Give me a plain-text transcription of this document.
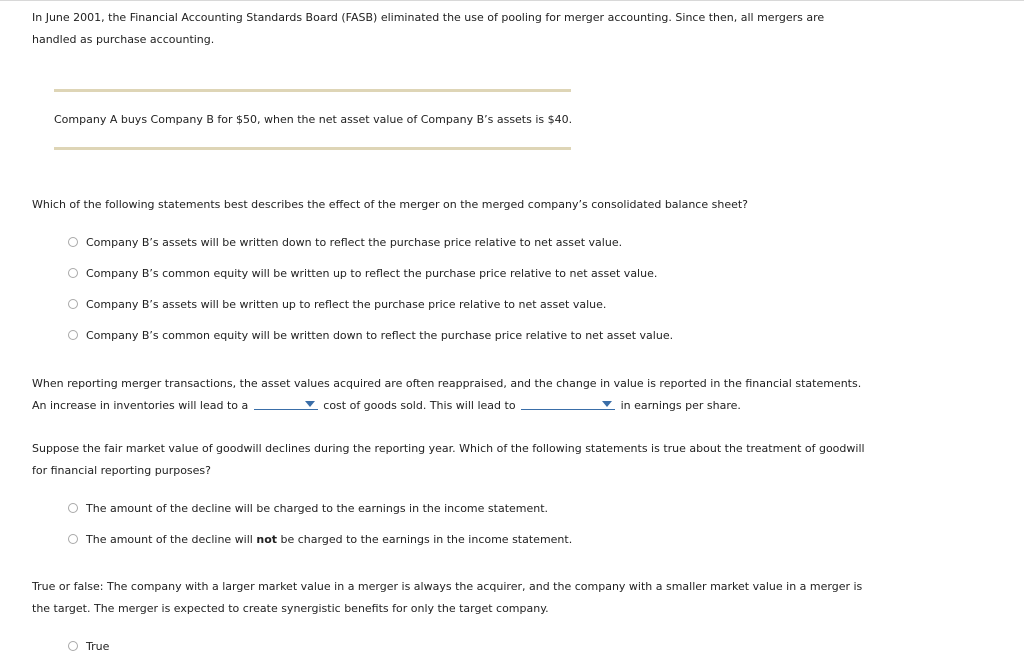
In June 2001, the Financial Accounting Standards Board (FASB) eliminated the use of pooling for merger accounting. Since then, all mergers are handled as purchase accounting.
Company A buys Company B for $50, when the net asset value of Company B’s assets is $40.
Which of the following statements best describes the effect of the merger on the merged company’s consolidated balance sheet?
Company B’s assets will be written down to reflect the purchase price relative to net asset value.
Company B’s common equity will be written up to reflect the purchase price relative to net asset value.
Company B’s assets will be written up to reflect the purchase price relative to net asset value.
Company B’s common equity will be written down to reflect the purchase price relative to net asset value.
When reporting merger transactions, the asset values acquired are often reappraised, and the change in value is reported in the financial statements.
An increase in inventories will lead to a	cost of goods sold. This will lead to	in earnings per share.
Suppose the fair market value of goodwill declines during the reporting year. Which of the following statements is true about the treatment of goodwill for financial reporting purposes?
The amount of the decline will be charged to the earnings in the income statement.
The amount of the decline will not be charged to the earnings in the income statement.
True or false: The company with a larger market value in a merger is always the acquirer, and the company with a smaller market value in a merger is the target. The merger is expected to create synergistic benefits for only the target company.
True
